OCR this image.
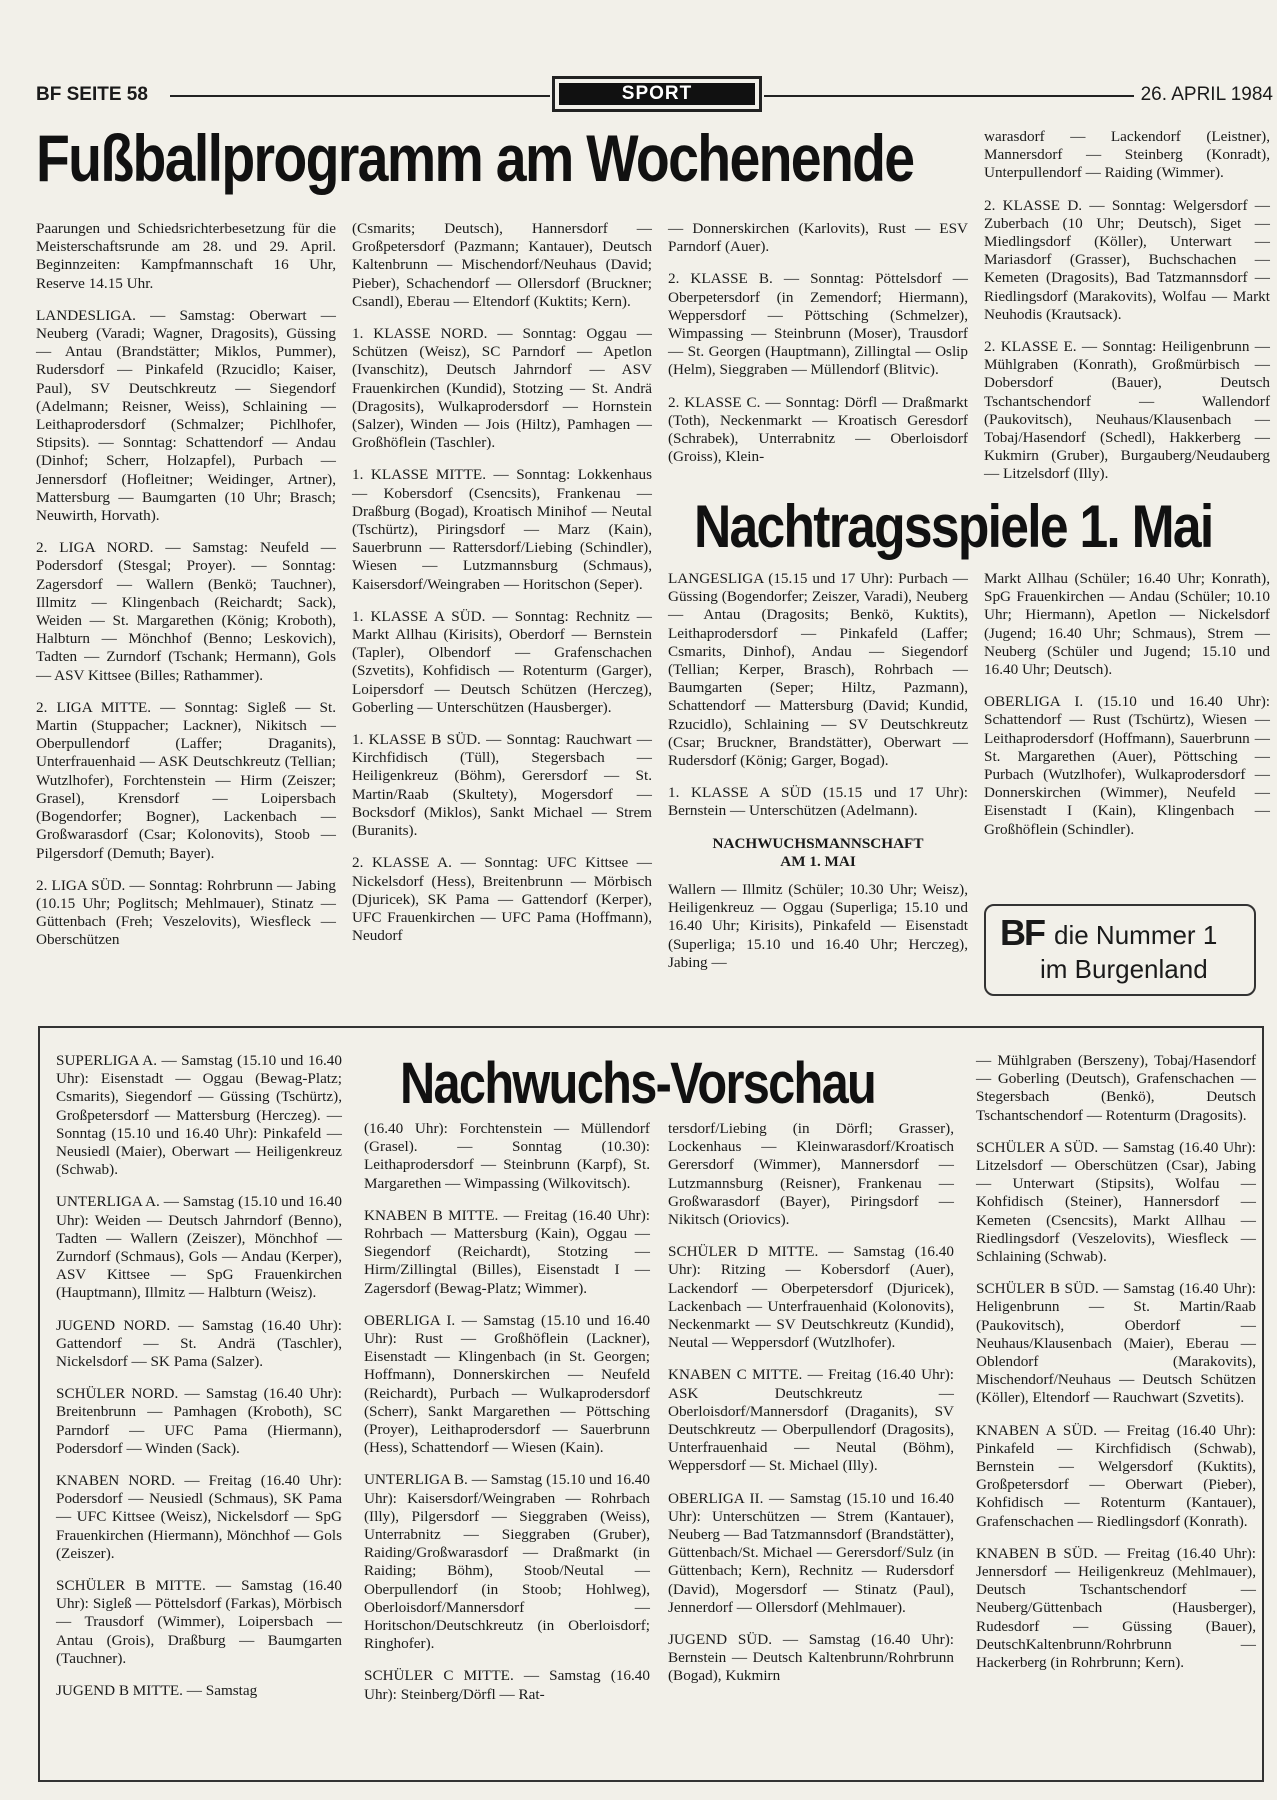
BF SEITE 58	SPORT	26. APRIL 1984
Fußballprogramm am Wochenende

Paarungen und Schiedsrichterbesetzung für die Meisterschaftsrunde am 28. und 29. April. Beginnzeiten: Kampfmannschaft 16 Uhr, Reserve 14.15 Uhr.

LANDESLIGA. — Samstag: Oberwart — Neuberg (Varadi; Wagner, Dragosits), Güssing — Antau (Brandstätter; Miklos, Pummer), Rudersdorf — Pinkafeld (Rzucidlo; Kaiser, Paul), SV Deutschkreutz — Siegendorf (Adelmann; Reisner, Weiss), Schlaining — Leithaprodersdorf (Schmalzer; Pichlhofer, Stipsits). — Sonntag: Schattendorf — Andau (Dinhof; Scherr, Holzapfel), Purbach — Jennersdorf (Hofleitner; Weidinger, Artner), Mattersburg — Baumgarten (10 Uhr; Brasch; Neuwirth, Horvath).

2. LIGA NORD. — Samstag: Neufeld — Podersdorf (Stesgal; Proyer). — Sonntag: Zagersdorf — Wallern (Benkö; Tauchner), Illmitz — Klingenbach (Reichardt; Sack), Weiden — St. Margarethen (König; Kroboth), Halbturn — Mönchhof (Benno; Leskovich), Tadten — Zurndorf (Tschank; Hermann), Gols — ASV Kittsee (Billes; Rathammer).

2. LIGA MITTE. — Sonntag: Sigleß — St. Martin (Stuppacher; Lackner), Nikitsch — Oberpullendorf (Laffer; Draganits), Unterfrauenhaid — ASK Deutschkreutz (Tellian; Wutzlhofer), Forchtenstein — Hirm (Zeiszer; Grasel), Krensdorf — Loipersbach (Bogendorfer; Bogner), Lackenbach — Großwarasdorf (Csar; Kolonovits), Stoob — Pilgersdorf (Demuth; Bayer).

2. LIGA SÜD. — Sonntag: Rohrbrunn — Jabing (10.15 Uhr; Poglitsch; Mehlmauer), Stinatz — Güttenbach (Freh; Veszelovits), Wiesfleck — Oberschützen

(Csmarits; Deutsch), Hannersdorf — Großpetersdorf (Pazmann; Kantauer), Deutsch Kaltenbrunn — Mischendorf/Neuhaus (David; Pieber), Schachendorf — Ollersdorf (Bruckner; Csandl), Eberau — Eltendorf (Kuktits; Kern).

1. KLASSE NORD. — Sonntag: Oggau — Schützen (Weisz), SC Parndorf — Apetlon (Ivanschitz), Deutsch Jahrndorf — ASV Frauenkirchen (Kundid), Stotzing — St. Andrä (Dragosits), Wulkaprodersdorf — Hornstein (Salzer), Winden — Jois (Hiltz), Pamhagen — Großhöflein (Taschler).

1. KLASSE MITTE. — Sonntag: Lokkenhaus — Kobersdorf (Csencsits), Frankenau — Draßburg (Bogad), Kroatisch Minihof — Neutal (Tschürtz), Piringsdorf — Marz (Kain), Sauerbrunn — Rattersdorf/Liebing (Schindler), Wiesen — Lutzmannsburg (Schmaus), Kaisersdorf/Weingraben — Horitschon (Seper).

1. KLASSE A SÜD. — Sonntag: Rechnitz — Markt Allhau (Kirisits), Oberdorf — Bernstein (Tapler), Olbendorf — Grafenschachen (Szvetits), Kohfidisch — Rotenturm (Garger), Loipersdorf — Deutsch Schützen (Herczeg), Goberling — Unterschützen (Hausberger).

1. KLASSE B SÜD. — Sonntag: Rauchwart — Kirchfidisch (Tüll), Stegersbach — Heiligenkreuz (Böhm), Gerersdorf — St. Martin/Raab (Skultety), Mogersdorf — Bocksdorf (Miklos), Sankt Michael — Strem (Buranits).

2. KLASSE A. — Sonntag: UFC Kittsee — Nickelsdorf (Hess), Breitenbrunn — Mörbisch (Djuricek), SK Pama — Gattendorf (Kerper), UFC Frauenkirchen — UFC Pama (Hoffmann), Neudorf

— Donnerskirchen (Karlovits), Rust — ESV Parndorf (Auer).

2. KLASSE B. — Sonntag: Pöttelsdorf — Oberpetersdorf (in Zemendorf; Hiermann), Weppersdorf — Pöttsching (Schmelzer), Wimpassing — Steinbrunn (Moser), Trausdorf — St. Georgen (Hauptmann), Zillingtal — Oslip (Helm), Sieggraben — Müllendorf (Blitvic).

2. KLASSE C. — Sonntag: Dörfl — Draßmarkt (Toth), Neckenmarkt — Kroatisch Geresdorf (Schrabek), Unterrabnitz — Oberloisdorf (Groiss), Klein-

warasdorf — Lackendorf (Leistner), Mannersdorf — Steinberg (Konradt), Unterpullendorf — Raiding (Wimmer).

2. KLASSE D. — Sonntag: Welgersdorf — Zuberbach (10 Uhr; Deutsch), Siget — Miedlingsdorf (Köller), Unterwart — Mariasdorf (Grasser), Buchschachen — Kemeten (Dragosits), Bad Tatzmannsdorf — Riedlingsdorf (Marakovits), Wolfau — Markt Neuhodis (Krautsack).

2. KLASSE E. — Sonntag: Heiligenbrunn — Mühlgraben (Konrath), Großmürbisch — Dobersdorf (Bauer), Deutsch Tschantschendorf — Wallendorf (Paukovitsch), Neuhaus/Klausenbach — Tobaj/Hasendorf (Schedl), Hakkerberg — Kukmirn (Gruber), Burgauberg/Neudauberg — Litzelsdorf (Illy).

Nachtragsspiele 1. Mai

LANGESLIGA (15.15 und 17 Uhr): Purbach — Güssing (Bogendorfer; Zeiszer, Varadi), Neuberg — Antau (Dragosits; Benkö, Kuktits), Leithaprodersdorf — Pinkafeld (Laffer; Csmarits, Dinhof), Andau — Siegendorf (Tellian; Kerper, Brasch), Rohrbach — Baumgarten (Seper; Hiltz, Pazmann), Schattendorf — Mattersburg (David; Kundid, Rzucidlo), Schlaining — SV Deutschkreutz (Csar; Bruckner, Brandstätter), Oberwart — Rudersdorf (König; Garger, Bogad).

1. KLASSE A SÜD (15.15 und 17 Uhr): Bernstein — Unterschützen (Adelmann).

NACHWUCHSMANNSCHAFT
AM 1. MAI

Wallern — Illmitz (Schüler; 10.30 Uhr; Weisz), Heiligenkreuz — Oggau (Superliga; 15.10 und 16.40 Uhr; Kirisits), Pinkafeld — Eisenstadt (Superliga; 15.10 und 16.40 Uhr; Herczeg), Jabing —

Markt Allhau (Schüler; 16.40 Uhr; Konrath), SpG Frauenkirchen — Andau (Schüler; 10.10 Uhr; Hiermann), Apetlon — Nickelsdorf (Jugend; 16.40 Uhr; Schmaus), Strem — Neuberg (Schüler und Jugend; 15.10 und 16.40 Uhr; Deutsch).

OBERLIGA I. (15.10 und 16.40 Uhr): Schattendorf — Rust (Tschürtz), Wiesen — Leithaprodersdorf (Hoffmann), Sauerbrunn — St. Margarethen (Auer), Pöttsching — Purbach (Wutzlhofer), Wulkaprodersdorf — Donnerskirchen (Wimmer), Neufeld — Eisenstadt I (Kain), Klingenbach — Großhöflein (Schindler).

BF die Nummer 1
im Burgenland
Nachwuchs-Vorschau

SUPERLIGA A. — Samstag (15.10 und 16.40 Uhr): Eisenstadt — Oggau (Bewag-Platz; Csmarits), Siegendorf — Güssing (Tschürtz), Großpetersdorf — Mattersburg (Herczeg). — Sonntag (15.10 und 16.40 Uhr): Pinkafeld — Neusiedl (Maier), Oberwart — Heiligenkreuz (Schwab).

UNTERLIGA A. — Samstag (15.10 und 16.40 Uhr): Weiden — Deutsch Jahrndorf (Benno), Tadten — Wallern (Zeiszer), Mönchhof — Zurndorf (Schmaus), Gols — Andau (Kerper), ASV Kittsee — SpG Frauenkirchen (Hauptmann), Illmitz — Halbturn (Weisz).

JUGEND NORD. — Samstag (16.40 Uhr): Gattendorf — St. Andrä (Taschler), Nickelsdorf — SK Pama (Salzer).

SCHÜLER NORD. — Samstag (16.40 Uhr): Breitenbrunn — Pamhagen (Kroboth), SC Parndorf — UFC Pama (Hiermann), Podersdorf — Winden (Sack).

KNABEN NORD. — Freitag (16.40 Uhr): Podersdorf — Neusiedl (Schmaus), SK Pama — UFC Kittsee (Weisz), Nickelsdorf — SpG Frauenkirchen (Hiermann), Mönchhof — Gols (Zeiszer).

SCHÜLER B MITTE. — Samstag (16.40 Uhr): Sigleß — Pöttelsdorf (Farkas), Mörbisch — Trausdorf (Wimmer), Loipersbach — Antau (Grois), Draßburg — Baumgarten (Tauchner).

JUGEND B MITTE. — Samstag

(16.40 Uhr): Forchtenstein — Müllendorf (Grasel). — Sonntag (10.30): Leithaprodersdorf — Steinbrunn (Karpf), St. Margarethen — Wimpassing (Wilkovitsch).

KNABEN B MITTE. — Freitag (16.40 Uhr): Rohrbach — Mattersburg (Kain), Oggau — Siegendorf (Reichardt), Stotzing — Hirm/Zillingtal (Billes), Eisenstadt I — Zagersdorf (Bewag-Platz; Wimmer).

OBERLIGA I. — Samstag (15.10 und 16.40 Uhr): Rust — Großhöflein (Lackner), Eisenstadt — Klingenbach (in St. Georgen; Hoffmann), Donnerskirchen — Neufeld (Reichardt), Purbach — Wulkaprodersdorf (Scherr), Sankt Margarethen — Pöttsching (Proyer), Leithaprodersdorf — Sauerbrunn (Hess), Schattendorf — Wiesen (Kain).

UNTERLIGA B. — Samstag (15.10 und 16.40 Uhr): Kaisersdorf/Weingraben — Rohrbach (Illy), Pilgersdorf — Sieggraben (Weiss), Unterrabnitz — Sieggraben (Gruber), Raiding/Großwarasdorf — Draßmarkt (in Raiding; Böhm), Stoob/Neutal — Oberpullendorf (in Stoob; Hohlweg), Oberloisdorf/Mannersdorf — Horitschon/Deutschkreutz (in Oberloisdorf; Ringhofer).

SCHÜLER C MITTE. — Samstag (16.40 Uhr): Steinberg/Dörfl — Rat-

tersdorf/Liebing (in Dörfl; Grasser), Lockenhaus — Kleinwarasdorf/Kroatisch Gerersdorf (Wimmer), Mannersdorf — Lutzmannsburg (Reisner), Frankenau — Großwarasdorf (Bayer), Piringsdorf — Nikitsch (Oriovics).

SCHÜLER D MITTE. — Samstag (16.40 Uhr): Ritzing — Kobersdorf (Auer), Lackendorf — Oberpetersdorf (Djuricek), Lackenbach — Unterfrauenhaid (Kolonovits), Neckenmarkt — SV Deutschkreutz (Kundid), Neutal — Weppersdorf (Wutzlhofer).

KNABEN C MITTE. — Freitag (16.40 Uhr): ASK Deutschkreutz — Oberloisdorf/Mannersdorf (Draganits), SV Deutschkreutz — Oberpullendorf (Dragosits), Unterfrauenhaid — Neutal (Böhm), Weppersdorf — St. Michael (Illy).

OBERLIGA II. — Samstag (15.10 und 16.40 Uhr): Unterschützen — Strem (Kantauer), Neuberg — Bad Tatzmannsdorf (Brandstätter), Güttenbach/St. Michael — Gerersdorf/Sulz (in Güttenbach; Kern), Rechnitz — Rudersdorf (David), Mogersdorf — Stinatz (Paul), Jennerdorf — Ollersdorf (Mehlmauer).

JUGEND SÜD. — Samstag (16.40 Uhr): Bernstein — Deutsch Kaltenbrunn/Rohrbrunn (Bogad), Kukmirn

— Mühlgraben (Berszeny), Tobaj/Hasendorf — Goberling (Deutsch), Grafenschachen — Stegersbach (Benkö), Deutsch Tschantschendorf — Rotenturm (Dragosits).

SCHÜLER A SÜD. — Samstag (16.40 Uhr): Litzelsdorf — Oberschützen (Csar), Jabing — Unterwart (Stipsits), Wolfau — Kohfidisch (Steiner), Hannersdorf — Kemeten (Csencsits), Markt Allhau — Riedlingsdorf (Veszelovits), Wiesfleck — Schlaining (Schwab).

SCHÜLER B SÜD. — Samstag (16.40 Uhr): Heligenbrunn — St. Martin/Raab (Paukovitsch), Oberdorf — Neuhaus/Klausenbach (Maier), Eberau — Oblendorf (Marakovits), Mischendorf/Neuhaus — Deutsch Schützen (Köller), Eltendorf — Rauchwart (Szvetits).

KNABEN A SÜD. — Freitag (16.40 Uhr): Pinkafeld — Kirchfidisch (Schwab), Bernstein — Welgersdorf (Kuktits), Großpetersdorf — Oberwart (Pieber), Kohfidisch — Rotenturm (Kantauer), Grafenschachen — Riedlingsdorf (Konrath).

KNABEN B SÜD. — Freitag (16.40 Uhr): Jennersdorf — Heiligenkreuz (Mehlmauer), Deutsch Tschantschendorf — Neuberg/Güttenbach (Hausberger), Rudesdorf — Güssing (Bauer), DeutschKaltenbrunn/Rohrbrunn — Hackerberg (in Rohrbrunn; Kern).
